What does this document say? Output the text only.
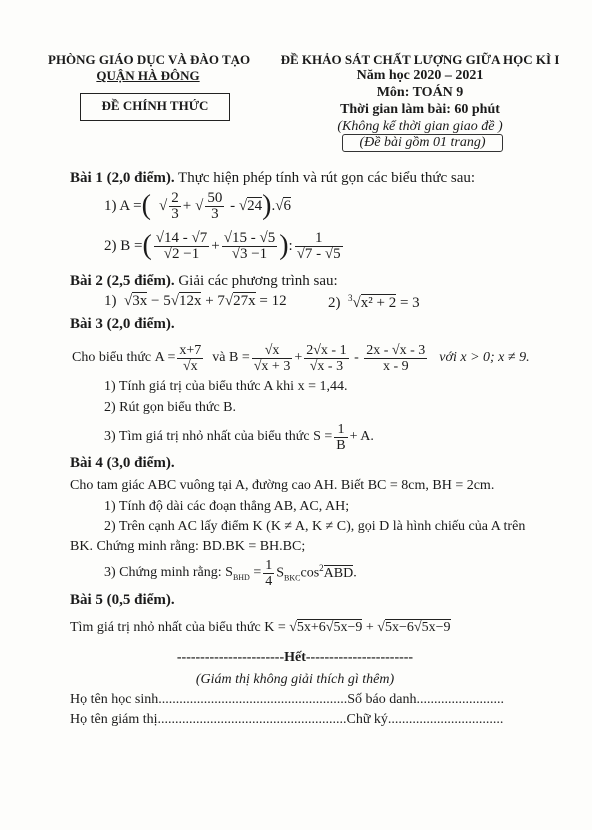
PHÒNG GIÁO DỤC VÀ ĐÀO TẠO
QUẬN HÀ ĐÔNG
ĐỀ CHÍNH THỨC
ĐỀ KHẢO SÁT CHẤT LƯỢNG GIỮA HỌC KÌ I
Năm học 2020 – 2021
Môn: TOÁN 9
Thời gian làm bài: 60 phút
(Không kể thời gian giao đề )
(Đề bài gồm 01 trang)
Bài 1 (2,0 điểm). Thực hiện phép tính và rút gọn các biểu thức sau:
1) A = ( √ $\frac{2}{3}$ + √ $\frac{50}{3} - √24$ ) .√6
2) B = ( $\frac{√14 - √7}{√2 -1} + \frac{√15 - √5}{√3 -1}$ ) : $\frac{1}{√7 - √5}$
Bài 2 (2,5 điểm). Giải các phương trình sau:
1)  √3x − 5√12x + 7√27x = 12	2) $^3$√x² + 2 = 3
Bài 3 (2,0 điểm).
Cho biểu thức $A = \frac{x+7}{√x}$ và $B = \frac{√x}{√x + 3} + \frac{2√x - 1}{√x - 3} - \frac{2x - √x - 3}{x - 9}$ với x > 0; x ≠ 9.
1) Tính giá trị của biểu thức A khi x = 1,44.
2) Rút gọn biểu thức B.
3) Tìm giá trị nhỏ nhất của biểu thức $S = \frac{1}{B} + A$.
Bài 4 (3,0 điểm).
Cho tam giác ABC vuông tại A, đường cao AH. Biết BC = 8cm, BH = 2cm.
1) Tính độ dài các đoạn thẳng AB, AC, AH;
2) Trên cạnh AC lấy điểm K (K ≠ A, K ≠ C), gọi D là hình chiếu của A trên
BK. Chứng minh rằng: BD.BK = BH.BC;
3) Chứng minh rằng: $S_{BHD} = \frac{1}{4} S_{BKC}\cos^2ABD$.
Bài 5 (0,5 điểm).
Tìm giá trị nhỏ nhất của biểu thức K = √5x+6√5x−9 + √5x−6√5x−9
-----------------------Hết-----------------------
(Giám thị không giải thích gì thêm)
Họ tên học sinh......................................................Số báo danh.........................
Họ tên giám thị......................................................Chữ ký.................................
